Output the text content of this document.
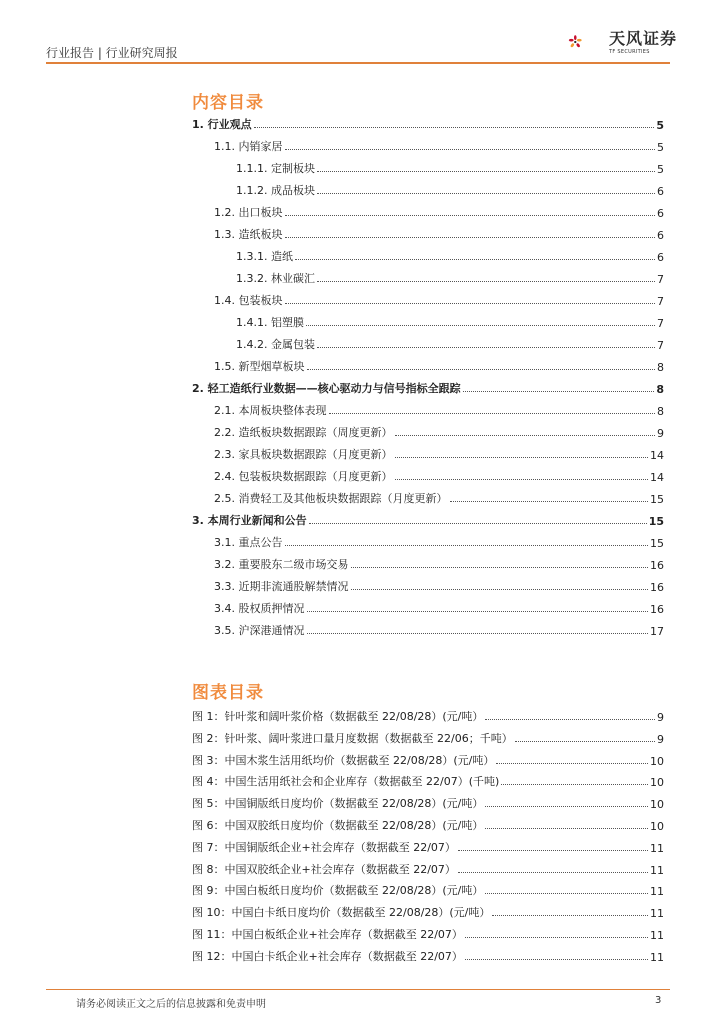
行业报告 | 行业研究周报
天风证券
TF SECURITIES
内容目录
1. 行业观点	5
1.1. 内销家居	5
1.1.1. 定制板块	5
1.1.2. 成品板块	6
1.2. 出口板块	6
1.3. 造纸板块	6
1.3.1. 造纸	6
1.3.2. 林业碳汇	7
1.4. 包装板块	7
1.4.1. 铝塑膜	7
1.4.2. 金属包装	7
1.5. 新型烟草板块	8
2. 轻工造纸行业数据——核心驱动力与信号指标全跟踪	8
2.1. 本周板块整体表现	8
2.2. 造纸板块数据跟踪（周度更新）	9
2.3. 家具板块数据跟踪（月度更新）	14
2.4. 包装板块数据跟踪（月度更新）	14
2.5. 消费轻工及其他板块数据跟踪（月度更新）	15
3. 本周行业新闻和公告	15
3.1. 重点公告	15
3.2. 重要股东二级市场交易	16
3.3. 近期非流通股解禁情况	16
3.4. 股权质押情况	16
3.5. 沪深港通情况	17
图表目录
图 1：针叶浆和阔叶浆价格（数据截至 22/08/28）(元/吨）	9
图 2：针叶浆、阔叶浆进口量月度数据（数据截至 22/06；千吨）	9
图 3：中国木浆生活用纸均价（数据截至 22/08/28）(元/吨）	10
图 4：中国生活用纸社会和企业库存（数据截至 22/07）(千吨)	10
图 5：中国铜版纸日度均价（数据截至 22/08/28）(元/吨）	10
图 6：中国双胶纸日度均价（数据截至 22/08/28）(元/吨）	10
图 7：中国铜版纸企业+社会库存（数据截至 22/07）	11
图 8：中国双胶纸企业+社会库存（数据截至 22/07）	11
图 9：中国白板纸日度均价（数据截至 22/08/28）(元/吨）	11
图 10：中国白卡纸日度均价（数据截至 22/08/28）(元/吨）	11
图 11：中国白板纸企业+社会库存（数据截至 22/07）	11
图 12：中国白卡纸企业+社会库存（数据截至 22/07）	11
请务必阅读正文之后的信息披露和免责申明	3
